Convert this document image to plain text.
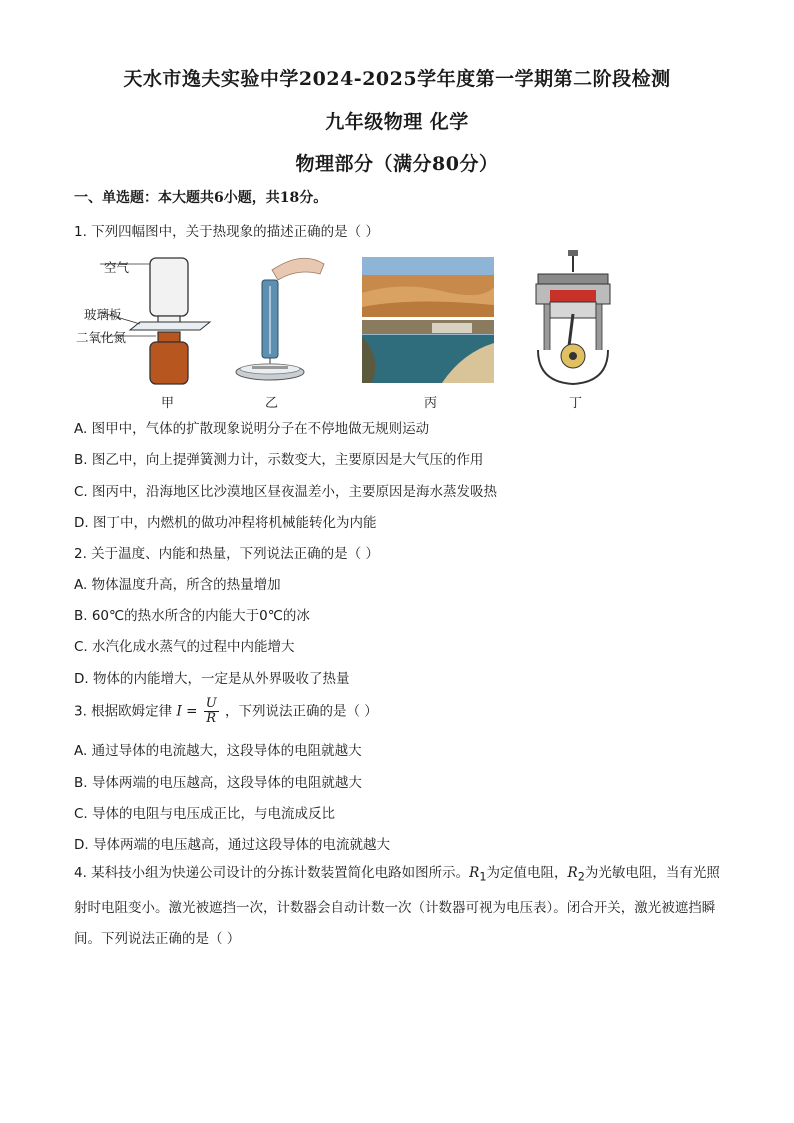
天水市逸夫实验中学2024-2025学年度第一学期第二阶段检测
九年级物理 化学
物理部分（满分80分）
一、单选题：本大题共6小题，共18分。
1. 下列四幅图中，关于热现象的描述正确的是（ ）
空气
玻璃板
二氧化氮
甲	乙	丙	丁
A. 图甲中，气体的扩散现象说明分子在不停地做无规则运动
B. 图乙中，向上提弹簧测力计，示数变大，主要原因是大气压的作用
C. 图丙中，沿海地区比沙漠地区昼夜温差小，主要原因是海水蒸发吸热
D. 图丁中，内燃机的做功冲程将机械能转化为内能
2. 关于温度、内能和热量，下列说法正确的是（ ）
A. 物体温度升高，所含的热量增加
B. 60℃的热水所含的内能大于0℃的冰
C. 水汽化成水蒸气的过程中内能增大
D. 物体的内能增大，一定是从外界吸收了热量
3. 根据欧姆定律 $I = \frac{U}{R}$ ，下列说法正确的是（ ）
A. 通过导体的电流越大，这段导体的电阻就越大
B. 导体两端的电压越高，这段导体的电阻就越大
C. 导体的电阻与电压成正比，与电流成反比
D. 导体两端的电压越高，通过这段导体的电流就越大
4. 某科技小组为快递公司设计的分拣计数装置简化电路如图所示。$R_1$为定值电阻，$R_2$为光敏电阻，当有光照射时电阻变小。激光被遮挡一次，计数器会自动计数一次（计数器可视为电压表）。闭合开关，激光被遮挡瞬间。下列说法正确的是（ ）
